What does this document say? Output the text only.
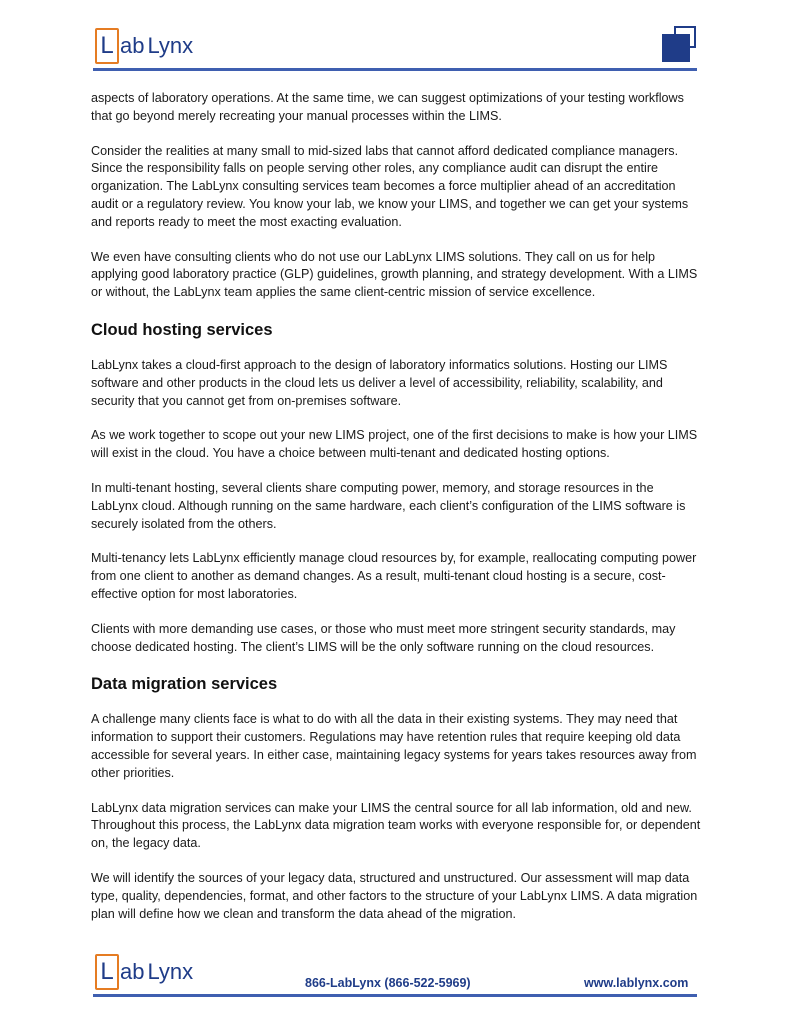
L ab Lynx

aspects of laboratory operations. At the same time, we can suggest optimizations of your testing workflows that go beyond merely recreating your manual processes within the LIMS.

Consider the realities at many small to mid-sized labs that cannot afford dedicated compliance managers. Since the responsibility falls on people serving other roles, any compliance audit can disrupt the entire organization. The LabLynx consulting services team becomes a force multiplier ahead of an accreditation audit or a regulatory review. You know your lab, we know your LIMS, and together we can get your systems and reports ready to meet the most exacting evaluation.

We even have consulting clients who do not use our LabLynx LIMS solutions. They call on us for help applying good laboratory practice (GLP) guidelines, growth planning, and strategy development. With a LIMS or without, the LabLynx team applies the same client-centric mission of service excellence.

Cloud hosting services

LabLynx takes a cloud-first approach to the design of laboratory informatics solutions. Hosting our LIMS software and other products in the cloud lets us deliver a level of accessibility, reliability, scalability, and security that you cannot get from on-premises software.

As we work together to scope out your new LIMS project, one of the first decisions to make is how your LIMS will exist in the cloud. You have a choice between multi-tenant and dedicated hosting options.

In multi-tenant hosting, several clients share computing power, memory, and storage resources in the LabLynx cloud. Although running on the same hardware, each client’s configuration of the LIMS software is securely isolated from the others.

Multi-tenancy lets LabLynx efficiently manage cloud resources by, for example, reallocating computing power from one client to another as demand changes. As a result, multi-tenant cloud hosting is a secure, cost-effective option for most laboratories.

Clients with more demanding use cases, or those who must meet more stringent security standards, may choose dedicated hosting. The client’s LIMS will be the only software running on the cloud resources.

Data migration services

A challenge many clients face is what to do with all the data in their existing systems. They may need that information to support their customers. Regulations may have retention rules that require keeping old data accessible for several years. In either case, maintaining legacy systems for years takes resources away from other priorities.

LabLynx data migration services can make your LIMS the central source for all lab information, old and new. Throughout this process, the LabLynx data migration team works with everyone responsible for, or dependent on, the legacy data.

We will identify the sources of your legacy data, structured and unstructured. Our assessment will map data type, quality, dependencies, format, and other factors to the structure of your LabLynx LIMS. A data migration plan will define how we clean and transform the data ahead of the migration.

L ab Lynx	866-LabLynx (866-522-5969)	www.lablynx.com
